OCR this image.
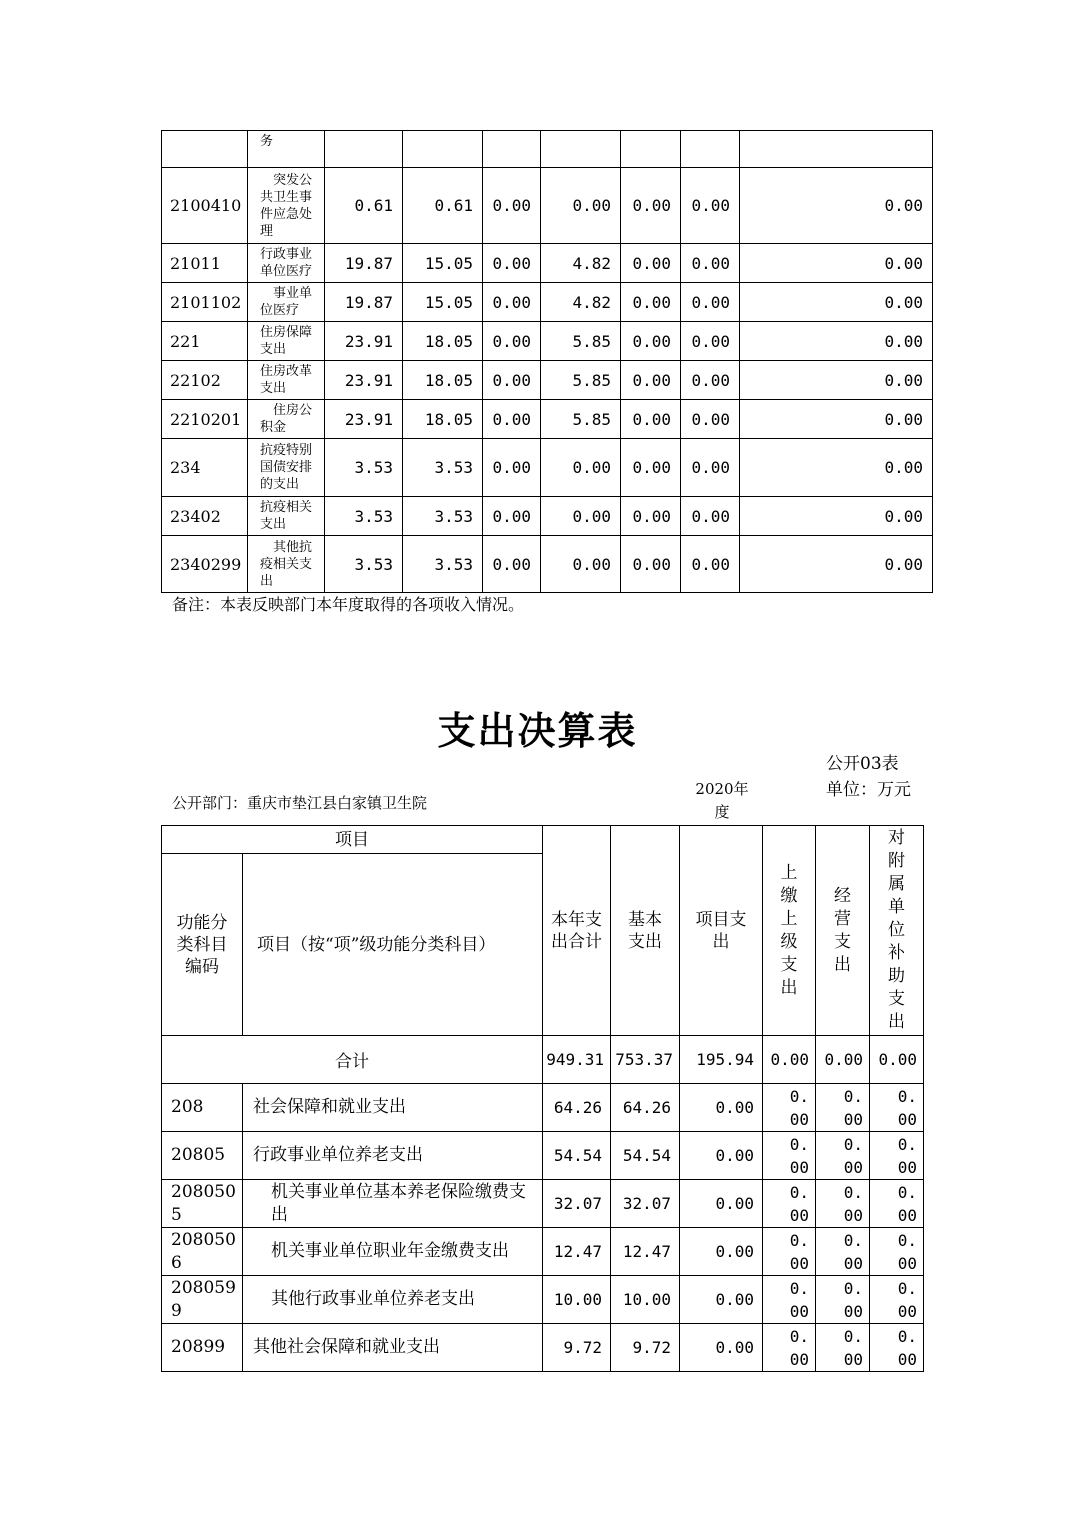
	务							
2100410	突发公共卫生事件应急处理	0.61	0.61	0.00	0.00	0.00	0.00	0.00
21011	行政事业单位医疗	19.87	15.05	0.00	4.82	0.00	0.00	0.00
2101102	事业单位医疗	19.87	15.05	0.00	4.82	0.00	0.00	0.00
221	住房保障支出	23.91	18.05	0.00	5.85	0.00	0.00	0.00
22102	住房改革支出	23.91	18.05	0.00	5.85	0.00	0.00	0.00
2210201	住房公积金	23.91	18.05	0.00	5.85	0.00	0.00	0.00
234	抗疫特别国债安排的支出	3.53	3.53	0.00	0.00	0.00	0.00	0.00
23402	抗疫相关支出	3.53	3.53	0.00	0.00	0.00	0.00	0.00
2340299	其他抗疫相关支出	3.53	3.53	0.00	0.00	0.00	0.00	0.00
备注：本表反映部门本年度取得的各项收入情况。
支出决算表
公开03表
单位：万元
公开部门：重庆市垫江县白家镇卫生院
2020年度
项目		本年支出合计	基本支出	项目支出	上缴上级支出	经营支出	对附属单位补助支出

功能分类科目编码	项目（按“项”级功能分类科目）						
合计		949.31	753.37	195.94	0.00	0.00	0.00
208	社会保障和就业支出	64.26	64.26	0.00	0.00	0.00	0.00

20805	行政事业单位养老支出	54.54	54.54	0.00	0.00	0.00	0.00

2080505	机关事业单位基本养老保险缴费支出	32.07	32.07	0.00	0.00	0.00	0.00

2080506	机关事业单位职业年金缴费支出	12.47	12.47	0.00	0.00	0.00	0.00

2080599	其他行政事业单位养老支出	10.00	10.00	0.00	0.00	0.00	0.00

20899	其他社会保障和就业支出	9.72	9.72	0.00	0.00	0.00	0.00
